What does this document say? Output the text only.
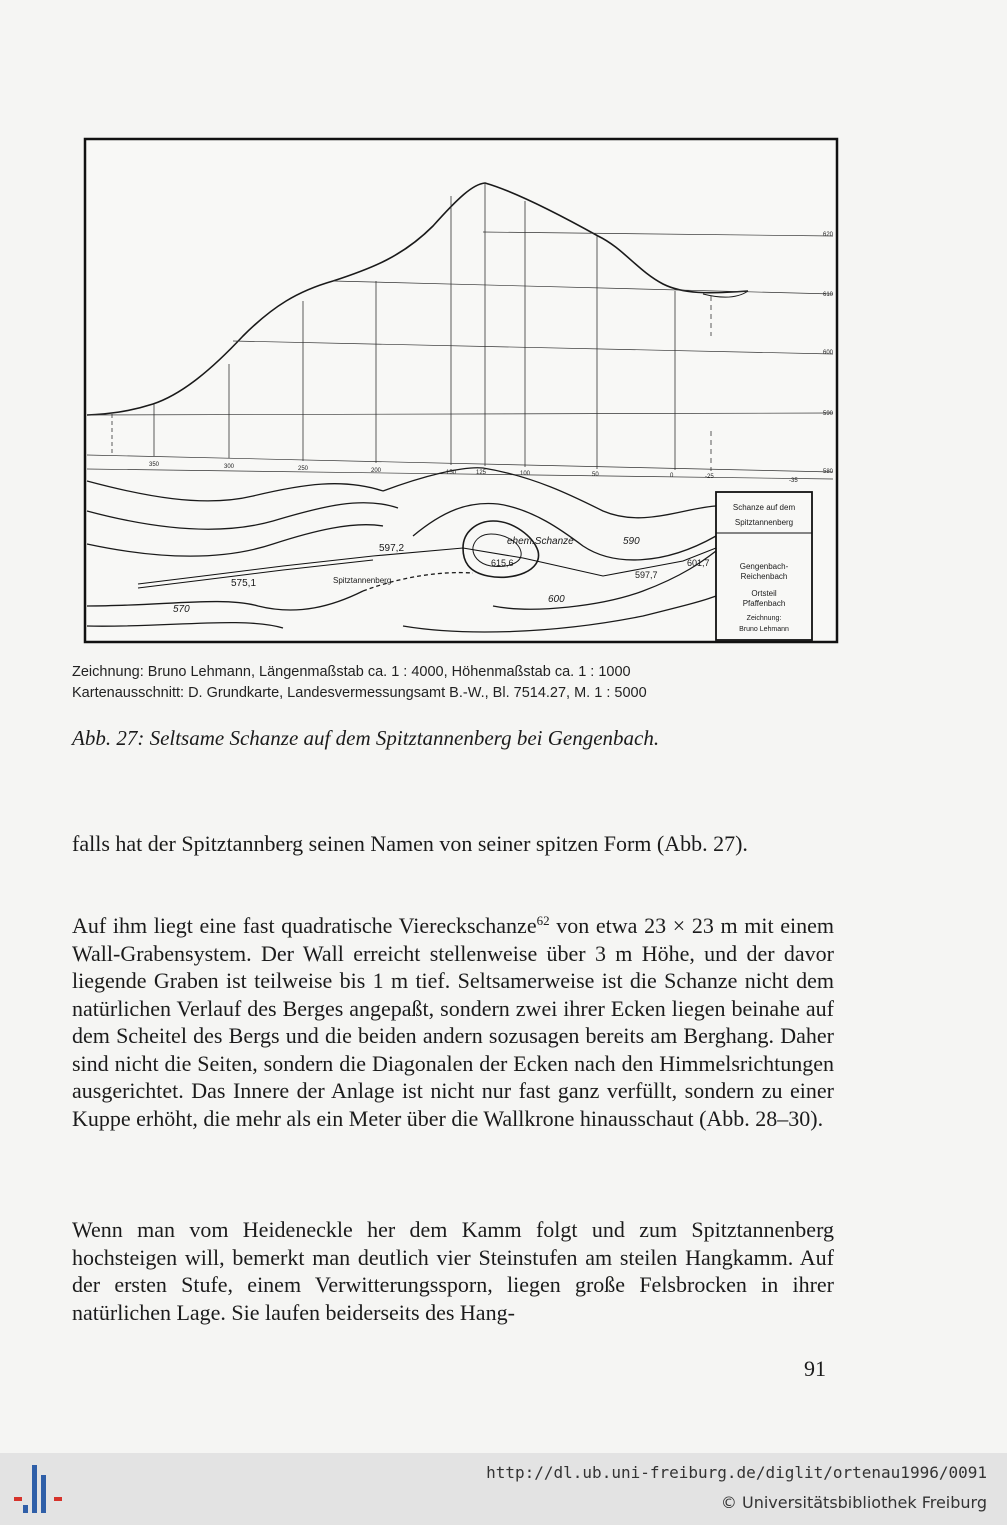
350	300	250	200	150	125	100	50	0	-25
-35
620
610
600
590
580
Schanze auf dem
Spitztannenberg
Gengenbach-
Reichenbach
Ortsteil
Pfaffenbach
Zeichnung:
Bruno Lehmann
ehem.Schanze
Spitztannenberg
597,2
575,1
615,6	601,7
597,7
570
600
590
Zeichnung: Bruno Lehmann, Längenmaßstab ca. 1 : 4000, Höhenmaßstab ca. 1 : 1000
Kartenausschnitt: D. Grundkarte, Landesvermessungsamt B.-W., Bl. 7514.27, M. 1 : 5000
Abb. 27: Seltsame Schanze auf dem Spitztannenberg bei Gengenbach.

falls hat der Spitztannberg seinen Namen von seiner spitzen Form (Abb. 27).

Auf ihm liegt eine fast quadratische Viereckschanze$^{62}$ von etwa 23 × 23 m mit einem Wall-Grabensystem. Der Wall erreicht stellenweise über 3 m Höhe, und der davor liegende Graben ist teilweise bis 1 m tief. Seltsamerweise ist die Schanze nicht dem natürlichen Verlauf des Berges angepaßt, sondern zwei ihrer Ecken liegen beinahe auf dem Scheitel des Bergs und die beiden andern sozusagen bereits am Berghang. Daher sind nicht die Seiten, sondern die Diagonalen der Ecken nach den Himmelsrichtungen ausgerichtet. Das Innere der Anlage ist nicht nur fast ganz verfüllt, sondern zu einer Kuppe erhöht, die mehr als ein Meter über die Wallkrone hinausschaut (Abb. 28–30).

Wenn man vom Heideneckle her dem Kamm folgt und zum Spitztannenberg hochsteigen will, bemerkt man deutlich vier Steinstufen am steilen Hangkamm. Auf der ersten Stufe, einem Verwitterungssporn, liegen große Felsbrocken in ihrer natürlichen Lage. Sie laufen beiderseits des Hang-

91
http://dl.ub.uni-freiburg.de/diglit/ortenau1996/0091
© Universitätsbibliothek Freiburg
